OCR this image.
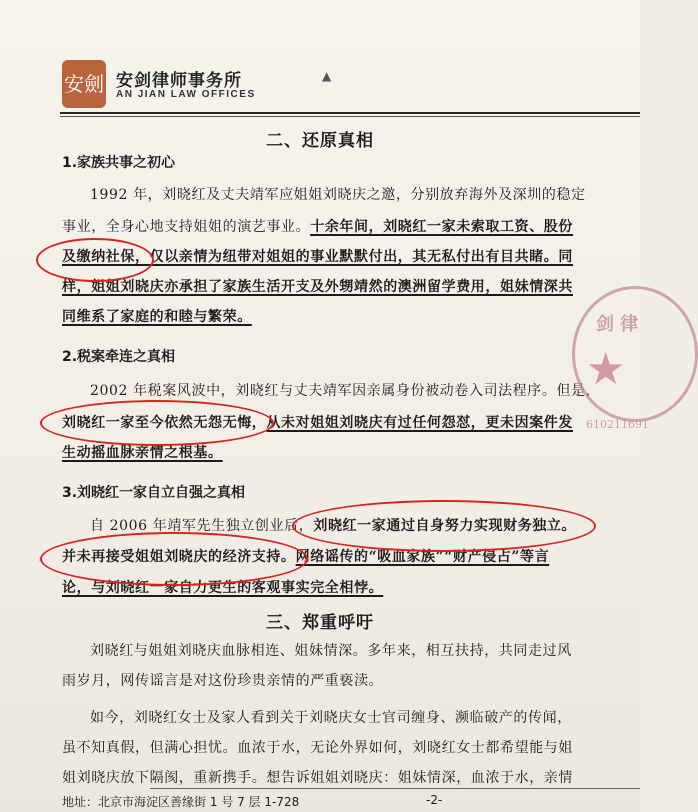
安劍 安剑律师事务所
AN JIAN LAW OFFICES
▲
二、还原真相
1.家族共事之初心
1992 年，刘晓红及丈夫靖军应姐姐刘晓庆之邀，分别放弃海外及深圳的稳定
事业，全身心地支持姐姐的演艺事业。十余年间，刘晓红一家未索取工资、股份
及缴纳社保，仅以亲情为纽带对姐姐的事业默默付出，其无私付出有目共睹。同
样，姐姐刘晓庆亦承担了家族生活开支及外甥靖然的澳洲留学费用，姐妹情深共
同维系了家庭的和睦与繁荣。
2.税案牵连之真相
2002 年税案风波中，刘晓红与丈夫靖军因亲属身份被动卷入司法程序。但是，
刘晓红一家至今依然无怨无悔，从未对姐姐刘晓庆有过任何怨怼，更未因案件发
生动摇血脉亲情之根基。
3.刘晓红一家自立自强之真相
自 2006 年靖军先生独立创业后，刘晓红一家通过自身努力实现财务独立。
并未再接受姐姐刘晓庆的经济支持。网络谣传的“吸血家族”“财产侵占”等言
论，与刘晓红一家自力更生的客观事实完全相悖。
三、郑重呼吁
刘晓红与姐姐刘晓庆血脉相连、姐妹情深。多年来，相互扶持，共同走过风
雨岁月，网传谣言是对这份珍贵亲情的严重亵渎。
如今，刘晓红女士及家人看到关于刘晓庆女士官司缠身、濒临破产的传闻，
虽不知真假，但满心担忧。血浓于水，无论外界如何，刘晓红女士都希望能与姐
姐刘晓庆放下隔阂，重新携手。想告诉姐姐刘晓庆：姐妹情深，血浓于水，亲情
剑 律
★
610211691
地址：北京市海淀区善缘街 1 号 7 层 1-728	-2-
